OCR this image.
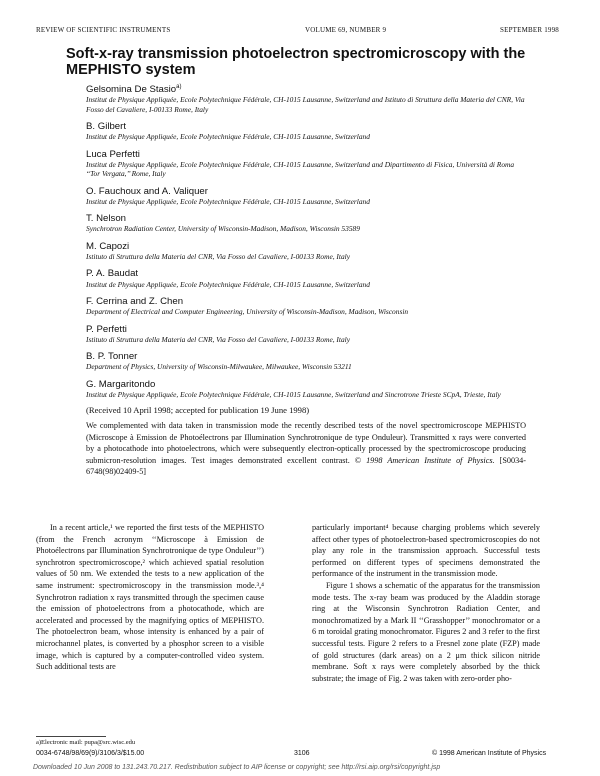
REVIEW OF SCIENTIFIC INSTRUMENTS	VOLUME 69, NUMBER 9	SEPTEMBER 1998
Soft-x-ray transmission photoelectron spectromicroscopy with the MEPHISTO system
Gelsomina De Stasio$^{a)}$
Institut de Physique Appliquée, Ecole Polytechnique Fédérale, CH-1015 Lausanne, Switzerland and Istituto di Struttura della Materia del CNR, Via Fosso del Cavaliere, I-00133 Rome, Italy
B. Gilbert
Institut de Physique Appliquée, Ecole Polytechnique Fédérale, CH-1015 Lausanne, Switzerland
Luca Perfetti
Institut de Physique Appliquée, Ecole Polytechnique Fédérale, CH-1015 Lausanne, Switzerland and Dipartimento di Fisica, Università di Roma ‘‘Tor Vergata,’’ Rome, Italy
O. Fauchoux and A. Valiquer
Institut de Physique Appliquée, Ecole Polytechnique Fédérale, CH-1015 Lausanne, Switzerland
T. Nelson
Synchrotron Radiation Center, University of Wisconsin-Madison, Madison, Wisconsin 53589
M. Capozi
Istituto di Struttura della Materia del CNR, Via Fosso del Cavaliere, I-00133 Rome, Italy
P. A. Baudat
Institut de Physique Appliquée, Ecole Polytechnique Fédérale, CH-1015 Lausanne, Switzerland
F. Cerrina and Z. Chen
Department of Electrical and Computer Engineering, University of Wisconsin-Madison, Madison, Wisconsin
P. Perfetti
Istituto di Struttura della Materia del CNR, Via Fosso del Cavaliere, I-00133 Rome, Italy
B. P. Tonner
Department of Physics, University of Wisconsin-Milwaukee, Milwaukee, Wisconsin 53211
G. Margaritondo
Institut de Physique Appliquée, Ecole Polytechnique Fédérale, CH-1015 Lausanne, Switzerland and Sincrotrone Trieste SCpA, Trieste, Italy
(Received 10 April 1998; accepted for publication 19 June 1998)
We complemented with data taken in transmission mode the recently described tests of the novel spectromicroscope MEPHISTO (Microscope à Emission de Photoélectrons par Illumination Synchrotronique de type Onduleur). Transmitted x rays were converted by a photocathode into photoelectrons, which were subsequently electron-optically processed by the spectromicroscope producing submicron-resolution images. Test images demonstrated excellent contrast. © 1998 American Institute of Physics. [S0034-6748(98)02409-5]

In a recent article,¹ we reported the first tests of the MEPHISTO (from the French acronym ‘‘Microscope à Emission de Photoélectrons par Illumination Synchrotronique de type Onduleur’’) synchrotron spectromicroscope,² which achieved spatial resolution values of 50 nm. We extended the tests to a new application of the same instrument: spectromicroscopy in the transmission mode.³,⁴ Synchrotron radiation x rays transmitted through the specimen cause the emission of photoelectrons from a photocathode, which are accelerated and processed by the magnifying optics of MEPHISTO. The photoelectron beam, whose intensity is enhanced by a pair of microchannel plates, is converted by a phosphor screen to a visible image, which is captured by a computer-controlled video system. Such additional tests are

particularly important⁴ because charging problems which severely affect other types of photoelectron-based spectromicroscopies do not play any role in the transmission approach. Successful tests performed on different types of specimens demonstrated the performance of the instrument in the transmission mode.

Figure 1 shows a schematic of the apparatus for the transmission mode tests. The x-ray beam was produced by the Aladdin storage ring at the Wisconsin Synchrotron Radiation Center, and monochromatized by a Mark II ‘‘Grasshopper’’ monochromator or a 6 m toroidal grating monochromator. Figures 2 and 3 refer to the first successful tests. Figure 2 refers to a Fresnel zone plate (FZP) made of gold structures (dark areas) on a 2 μm thick silicon nitride membrane. Soft x rays were completely absorbed by the thick substrate; the image of Fig. 2 was taken with zero-order pho-

a)Electronic mail: pupa@src.wisc.edu
0034-6748/98/69(9)/3106/3/$15.00	3106	© 1998 American Institute of Physics
Downloaded 10 Jun 2008 to 131.243.70.217. Redistribution subject to AIP license or copyright; see http://rsi.aip.org/rsi/copyright.jsp
